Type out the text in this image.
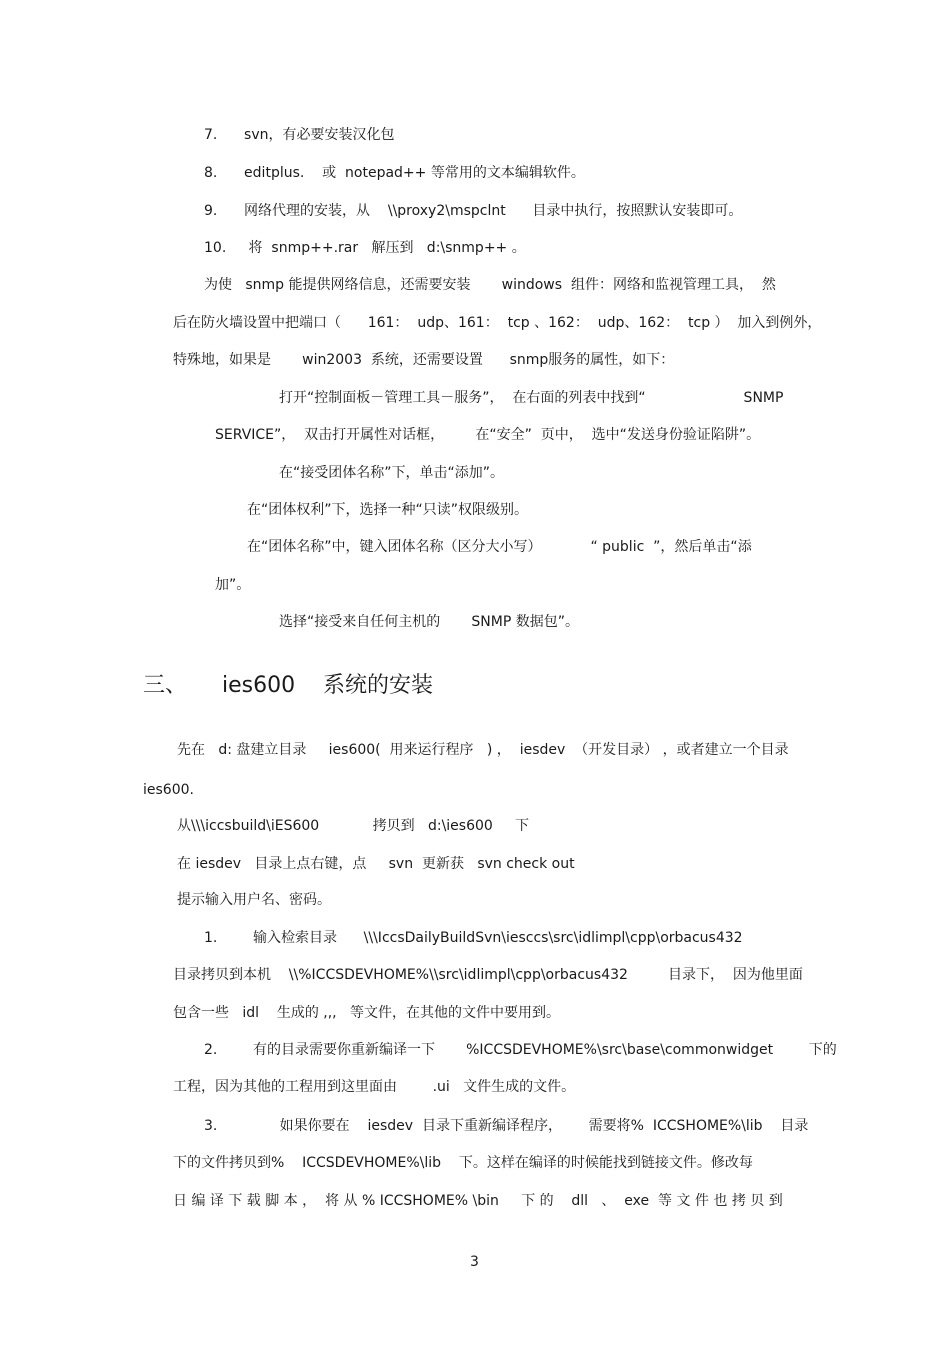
7.      svn，有必要安装汉化包
8.      editplus.    或  notepad++ 等常用的文本编辑软件。
9.      网络代理的安装，从    \\proxy2\mspclnt      目录中执行，按照默认安装即可。
10.     将  snmp++.rar   解压到   d:\snmp++ 。
为使   snmp 能提供网络信息，还需要安装       windows  组件：网络和监视管理工具，  然
后在防火墙设置中把端口（      161：  udp、161：  tcp 、162：  udp、162：  tcp ）  加入到例外，
特殊地，如果是       win2003  系统，还需要设置      snmp服务的属性，如下：
打开“控制面板－管理工具－服务”，  在右面的列表中找到“                      SNMP
SERVICE”，  双击打开属性对话框，       在“安全”  页中，  选中“发送身份验证陷阱”。
在“接受团体名称”下，单击“添加”。
在“团体权利”下，选择一种“只读”权限级别。
在“团体名称”中，键入团体名称（区分大小写）           “ public  ”，然后单击“添
加”。
选择“接受来自任何主机的       SNMP 数据包”。
三、     ies600    系统的安装
先在   d: 盘建立目录     ies600(  用来运行程序   ) ，  iesdev  （开发目录） ，或者建立一个目录
ies600.
从\\\iccsbuild\iES600            拷贝到   d:\ies600     下
在 iesdev   目录上点右键，点     svn  更新获   svn check out
提示输入用户名、密码。
1.        输入检索目录      \\\IccsDailyBuildSvn\iesccs\src\idlimpl\cpp\orbacus432
目录拷贝到本机    \\%ICCSDEVHOME%\\src\idlimpl\cpp\orbacus432         目录下，  因为他里面
包含一些   idl    生成的 ,,,   等文件，在其他的文件中要用到。
2.        有的目录需要你重新编译一下       %ICCSDEVHOME%\src\base\commonwidget        下的
工程，因为其他的工程用到这里面由        .ui   文件生成的文件。
3.              如果你要在    iesdev  目录下重新编译程序，      需要将%  ICCSHOME%\lib    目录
下的文件拷贝到%    ICCSDEVHOME%\lib    下。这样在编译的时候能找到链接文件。修改每
日 编 译 下 载 脚 本 ，  将 从 % ICCSHOME% \bin     下 的    dll   、  exe  等 文 件 也 拷 贝 到
3
